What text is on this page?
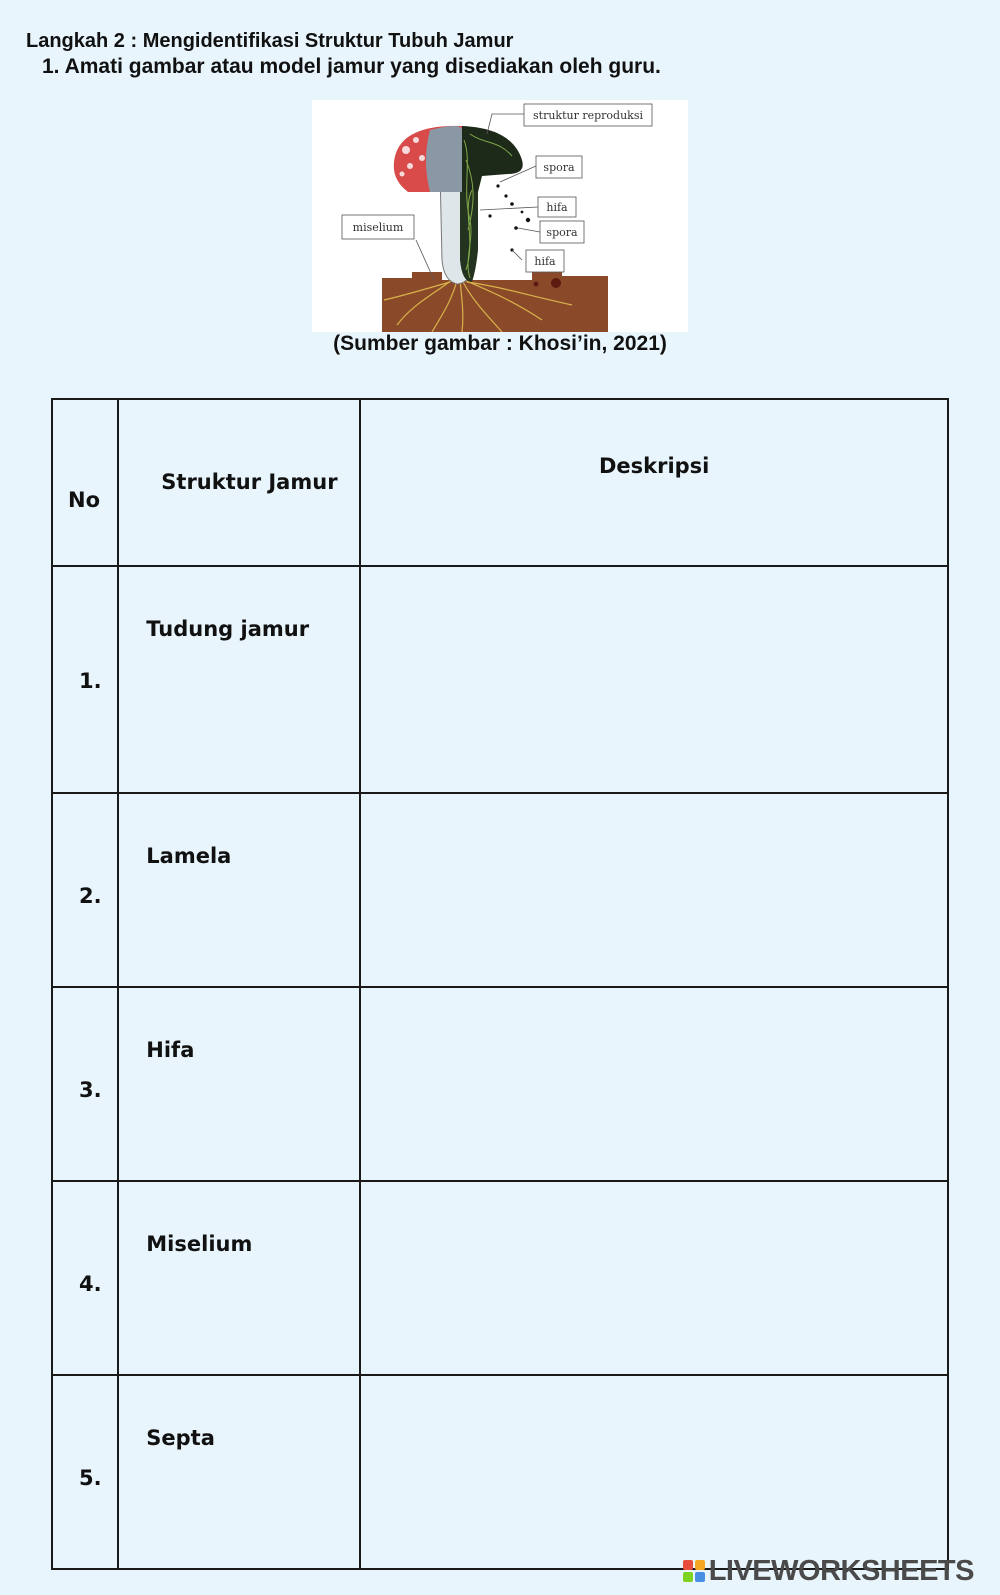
Langkah 2 : Mengidentifikasi Struktur Tubuh Jamur
1. Amati gambar atau model jamur yang disediakan oleh guru.
struktur reproduksi
spora
hifa
spora
hifa
miselium
(Sumber gambar : Khosi’in, 2021)
No	Struktur Jamur	Deskripsi

1.	Tudung jamur

2.	Lamela

3.	Hifa

4.	Miselium

5.	Septa

LIVEWORKSHEETS
